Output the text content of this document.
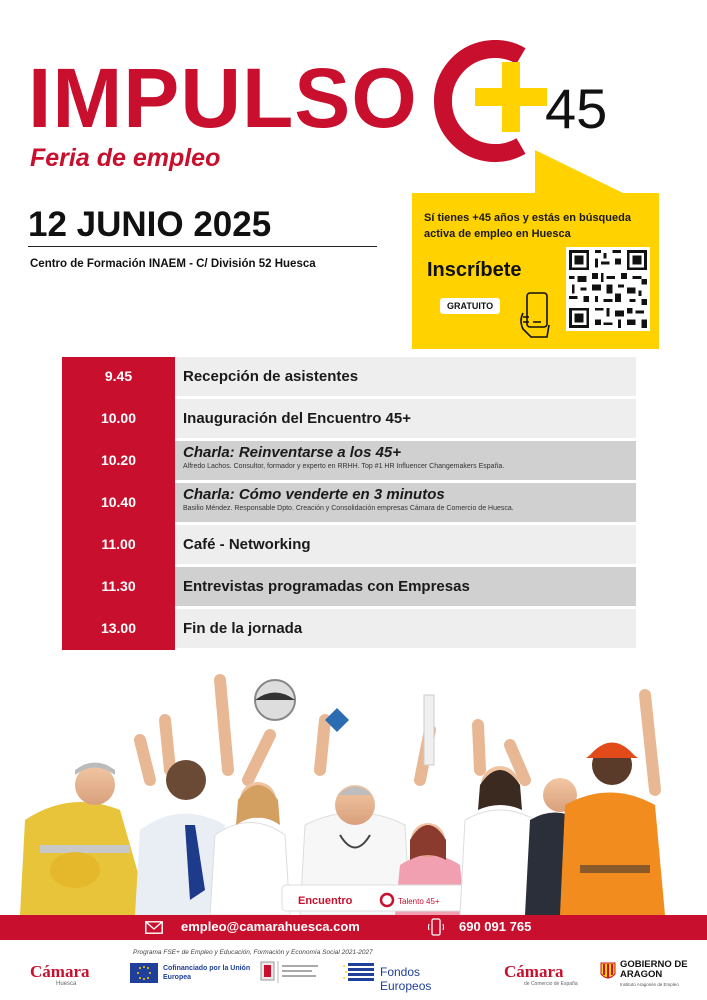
IMPULSO
Feria de empleo
45
12 JUNIO 2025
Centro de Formación INAEM - C/ División 52 Huesca
Sí tienes +45 años y estás en búsqueda activa de empleo en Huesca
Inscríbete
GRATUITO
9.45	Recepción de asistentes
10.00	Inauguración del Encuentro 45+
10.20	Charla: Reinventarse a los 45+
Alfredo Lachos. Consultor, formador y experto en RRHH. Top #1 HR Influencer Changemakers España.
10.40	Charla: Cómo venderte en 3 minutos
Basilio Méndez. Responsable Dpto. Creación y Consolidación empresas Cámara de Comercio de Huesca.
11.00	Café - Networking
11.30	Entrevistas programadas con Empresas
13.00	Fin de la jornada
Encuentro	Talento 45+
empleo@camarahuesca.com	690 091 765
Programa FSE+ de Empleo y Educación, Formación y Economía Social 2021-2027
Cámara
Huesca
Cofinanciado por la Unión Europea	Fondos Europeos
Cámara
de Comercio de España
GOBIERNO DE ARAGON
Instituto Aragonés de Empleo
